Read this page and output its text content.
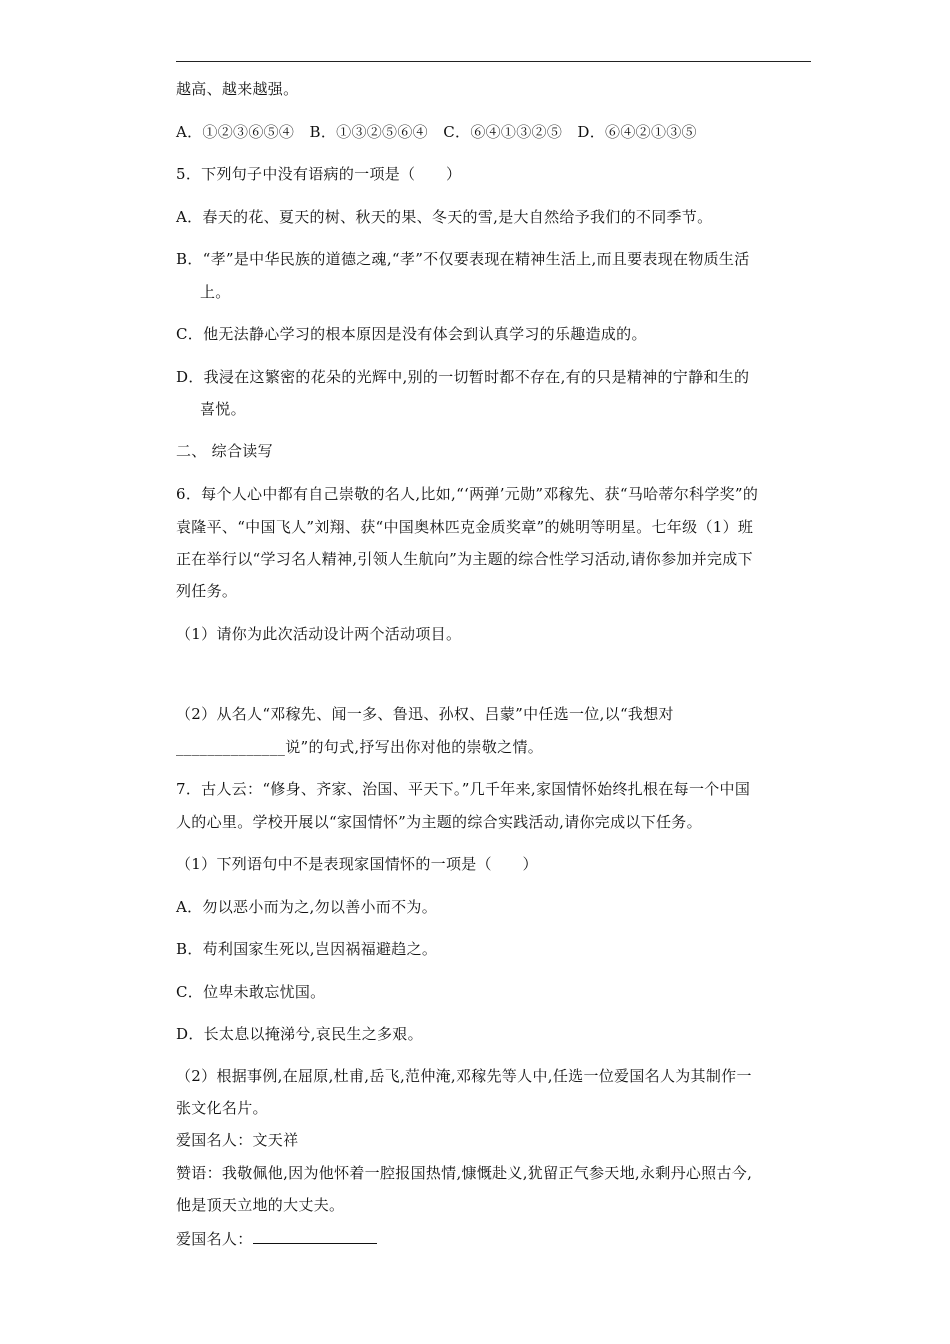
越高、越来越强。
A．①②③⑥⑤④　B．①③②⑤⑥④　C．⑥④①③②⑤　D．⑥④②①③⑤
5．下列句子中没有语病的一项是（　　）
A．春天的花、夏天的树、秋天的果、冬天的雪,是大自然给予我们的不同季节。
B．“孝”是中华民族的道德之魂,“孝”不仅要表现在精神生活上,而且要表现在物质生活
上。
C．他无法静心学习的根本原因是没有体会到认真学习的乐趣造成的。
D．我浸在这繁密的花朵的光辉中,别的一切暂时都不存在,有的只是精神的宁静和生的
喜悦。
二、 综合读写
6．每个人心中都有自己崇敬的名人,比如,“‘两弹’元勋”邓稼先、获“马哈蒂尔科学奖”的
袁隆平、“中国飞人”刘翔、获“中国奥林匹克金质奖章”的姚明等明星。七年级（1）班
正在举行以“学习名人精神,引领人生航向”为主题的综合性学习活动,请你参加并完成下
列任务。
（1）请你为此次活动设计两个活动项目。
（2）从名人“邓稼先、闻一多、鲁迅、孙权、吕蒙”中任选一位,以“我想对
______________说”的句式,抒写出你对他的崇敬之情。
7．古人云：“修身、齐家、治国、平天下。”几千年来,家国情怀始终扎根在每一个中国
人的心里。学校开展以“家国情怀”为主题的综合实践活动,请你完成以下任务。
（1）下列语句中不是表现家国情怀的一项是（　　）
A．勿以恶小而为之,勿以善小而不为。
B．苟利国家生死以,岂因祸福避趋之。
C．位卑未敢忘忧国。
D．长太息以掩涕兮,哀民生之多艰。
（2）根据事例,在屈原,杜甫,岳飞,范仲淹,邓稼先等人中,任选一位爱国名人为其制作一
张文化名片。
爱国名人：文天祥
赞语：我敬佩他,因为他怀着一腔报国热情,慷慨赴义,犹留正气参天地,永剩丹心照古今,
他是顶天立地的大丈夫。
爱国名人：
